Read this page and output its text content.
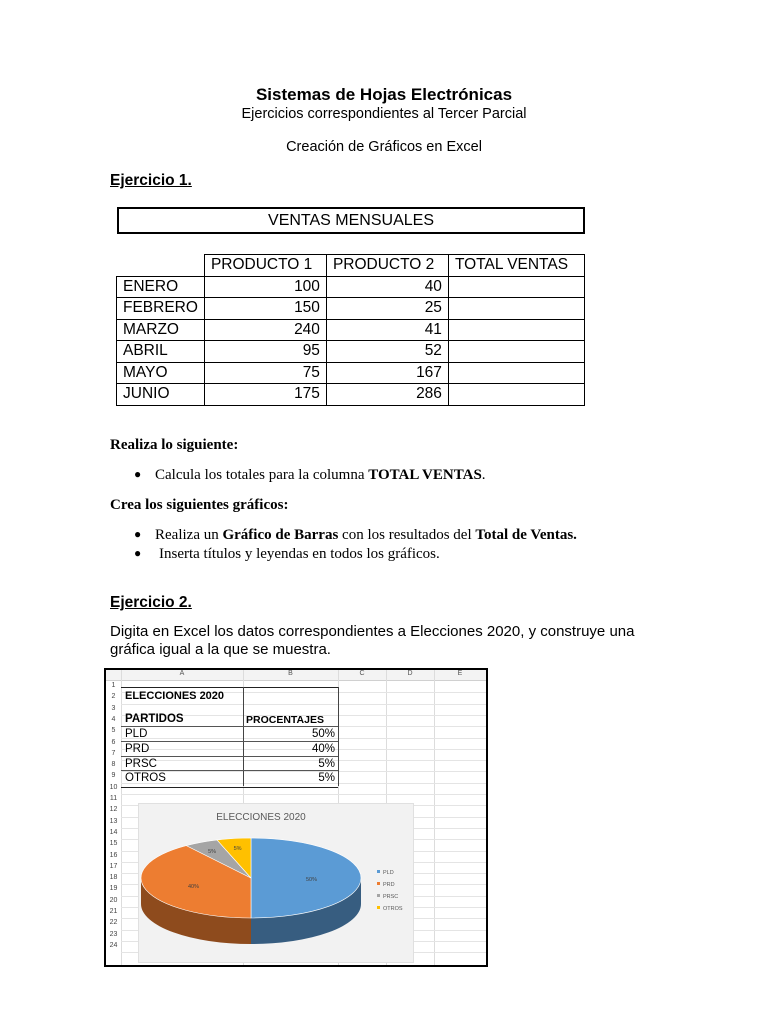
Sistemas de Hojas Electrónicas
Ejercicios correspondientes al Tercer Parcial
Creación de Gráficos en Excel
Ejercicio 1.
VENTAS MENSUALES
	PRODUCTO 1	PRODUCTO 2	TOTAL VENTAS
ENERO	100	40	
FEBRERO	150	25	
MARZO	240	41	
ABRIL	95	52	
MAYO	75	167	
JUNIO	175	286	
Realiza lo siguiente:
● Calcula los totales para la columna TOTAL VENTAS.
Crea los siguientes gráficos:
● Realiza un Gráfico de Barras con los resultados del Total de Ventas.
● Inserta títulos y leyendas en todos los gráficos.
Ejercicio 2.
Digita en Excel los datos correspondientes a Elecciones 2020, y construye una
gráfica igual a la que se muestra.
A	B	C	D	E
1
2
3
4
5
6
7
8
9
10
11
12
13
14
15
16
17
18
19
20
21
22
23
24
ELECCIONES 2020
PARTIDOS	PROCENTAJES
PLD	50%
PRD	40%
PRSC	5%
OTROS	5%
ELECCIONES 2020
50%
40%
5%
5%
PLD
PRD
PRSC
OTROS
